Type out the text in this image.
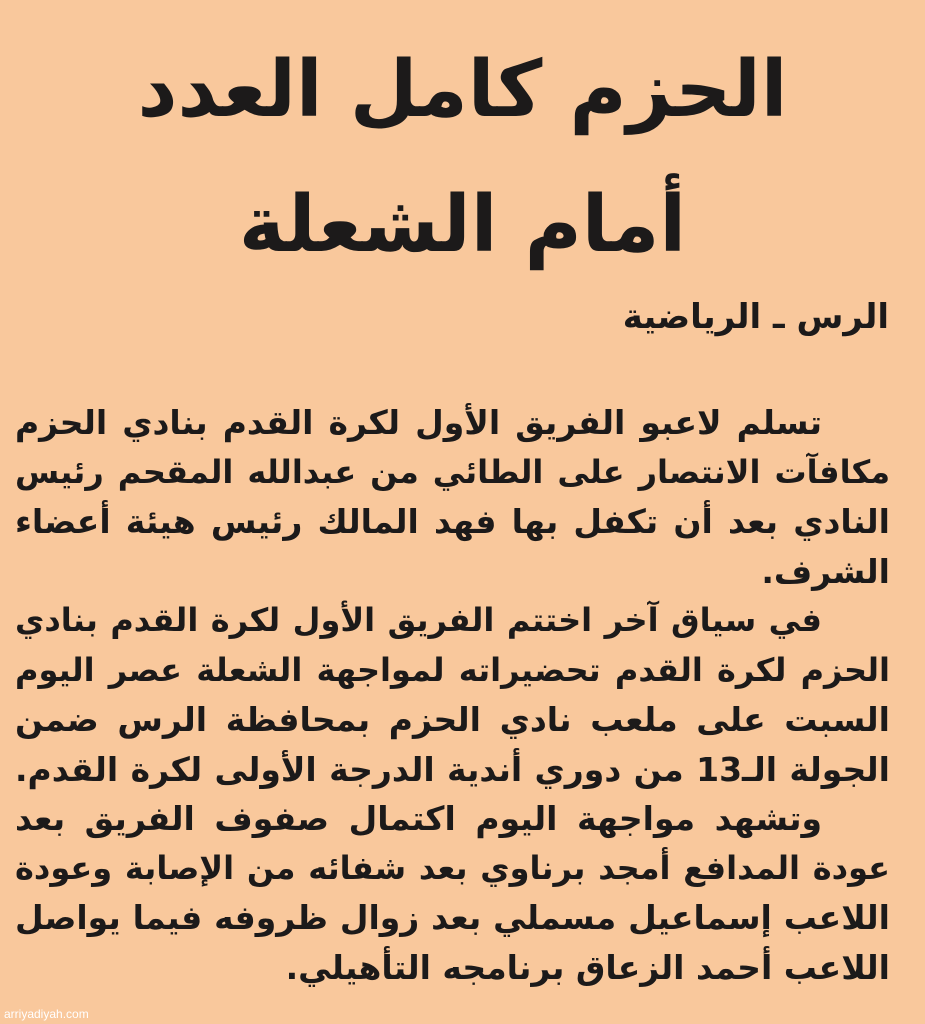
الحزم كامل العدد
أمام الشعلة
الرس ـ الرياضية
تسلم لاعبو الفريق الأول لكرة القدم بنادي الحزم
مكافآت الانتصار على الطائي من عبدالله المقحم رئيس
النادي بعد أن تكفل بها فهد المالك رئيس هيئة أعضاء
الشرف.
في سياق آخر اختتم الفريق الأول لكرة القدم بنادي
الحزم لكرة القدم تحضيراته لمواجهة الشعلة عصر اليوم
السبت على ملعب نادي الحزم بمحافظة الرس ضمن
الجولة الـ13 من دوري أندية الدرجة الأولى لكرة القدم.
وتشهد مواجهة اليوم اكتمال صفوف الفريق بعد
عودة المدافع أمجد برناوي بعد شفائه من الإصابة وعودة
اللاعب إسماعيل مسملي بعد زوال ظروفه فيما يواصل
اللاعب أحمد الزعاق برنامجه التأهيلي.
arriyadiyah.com
